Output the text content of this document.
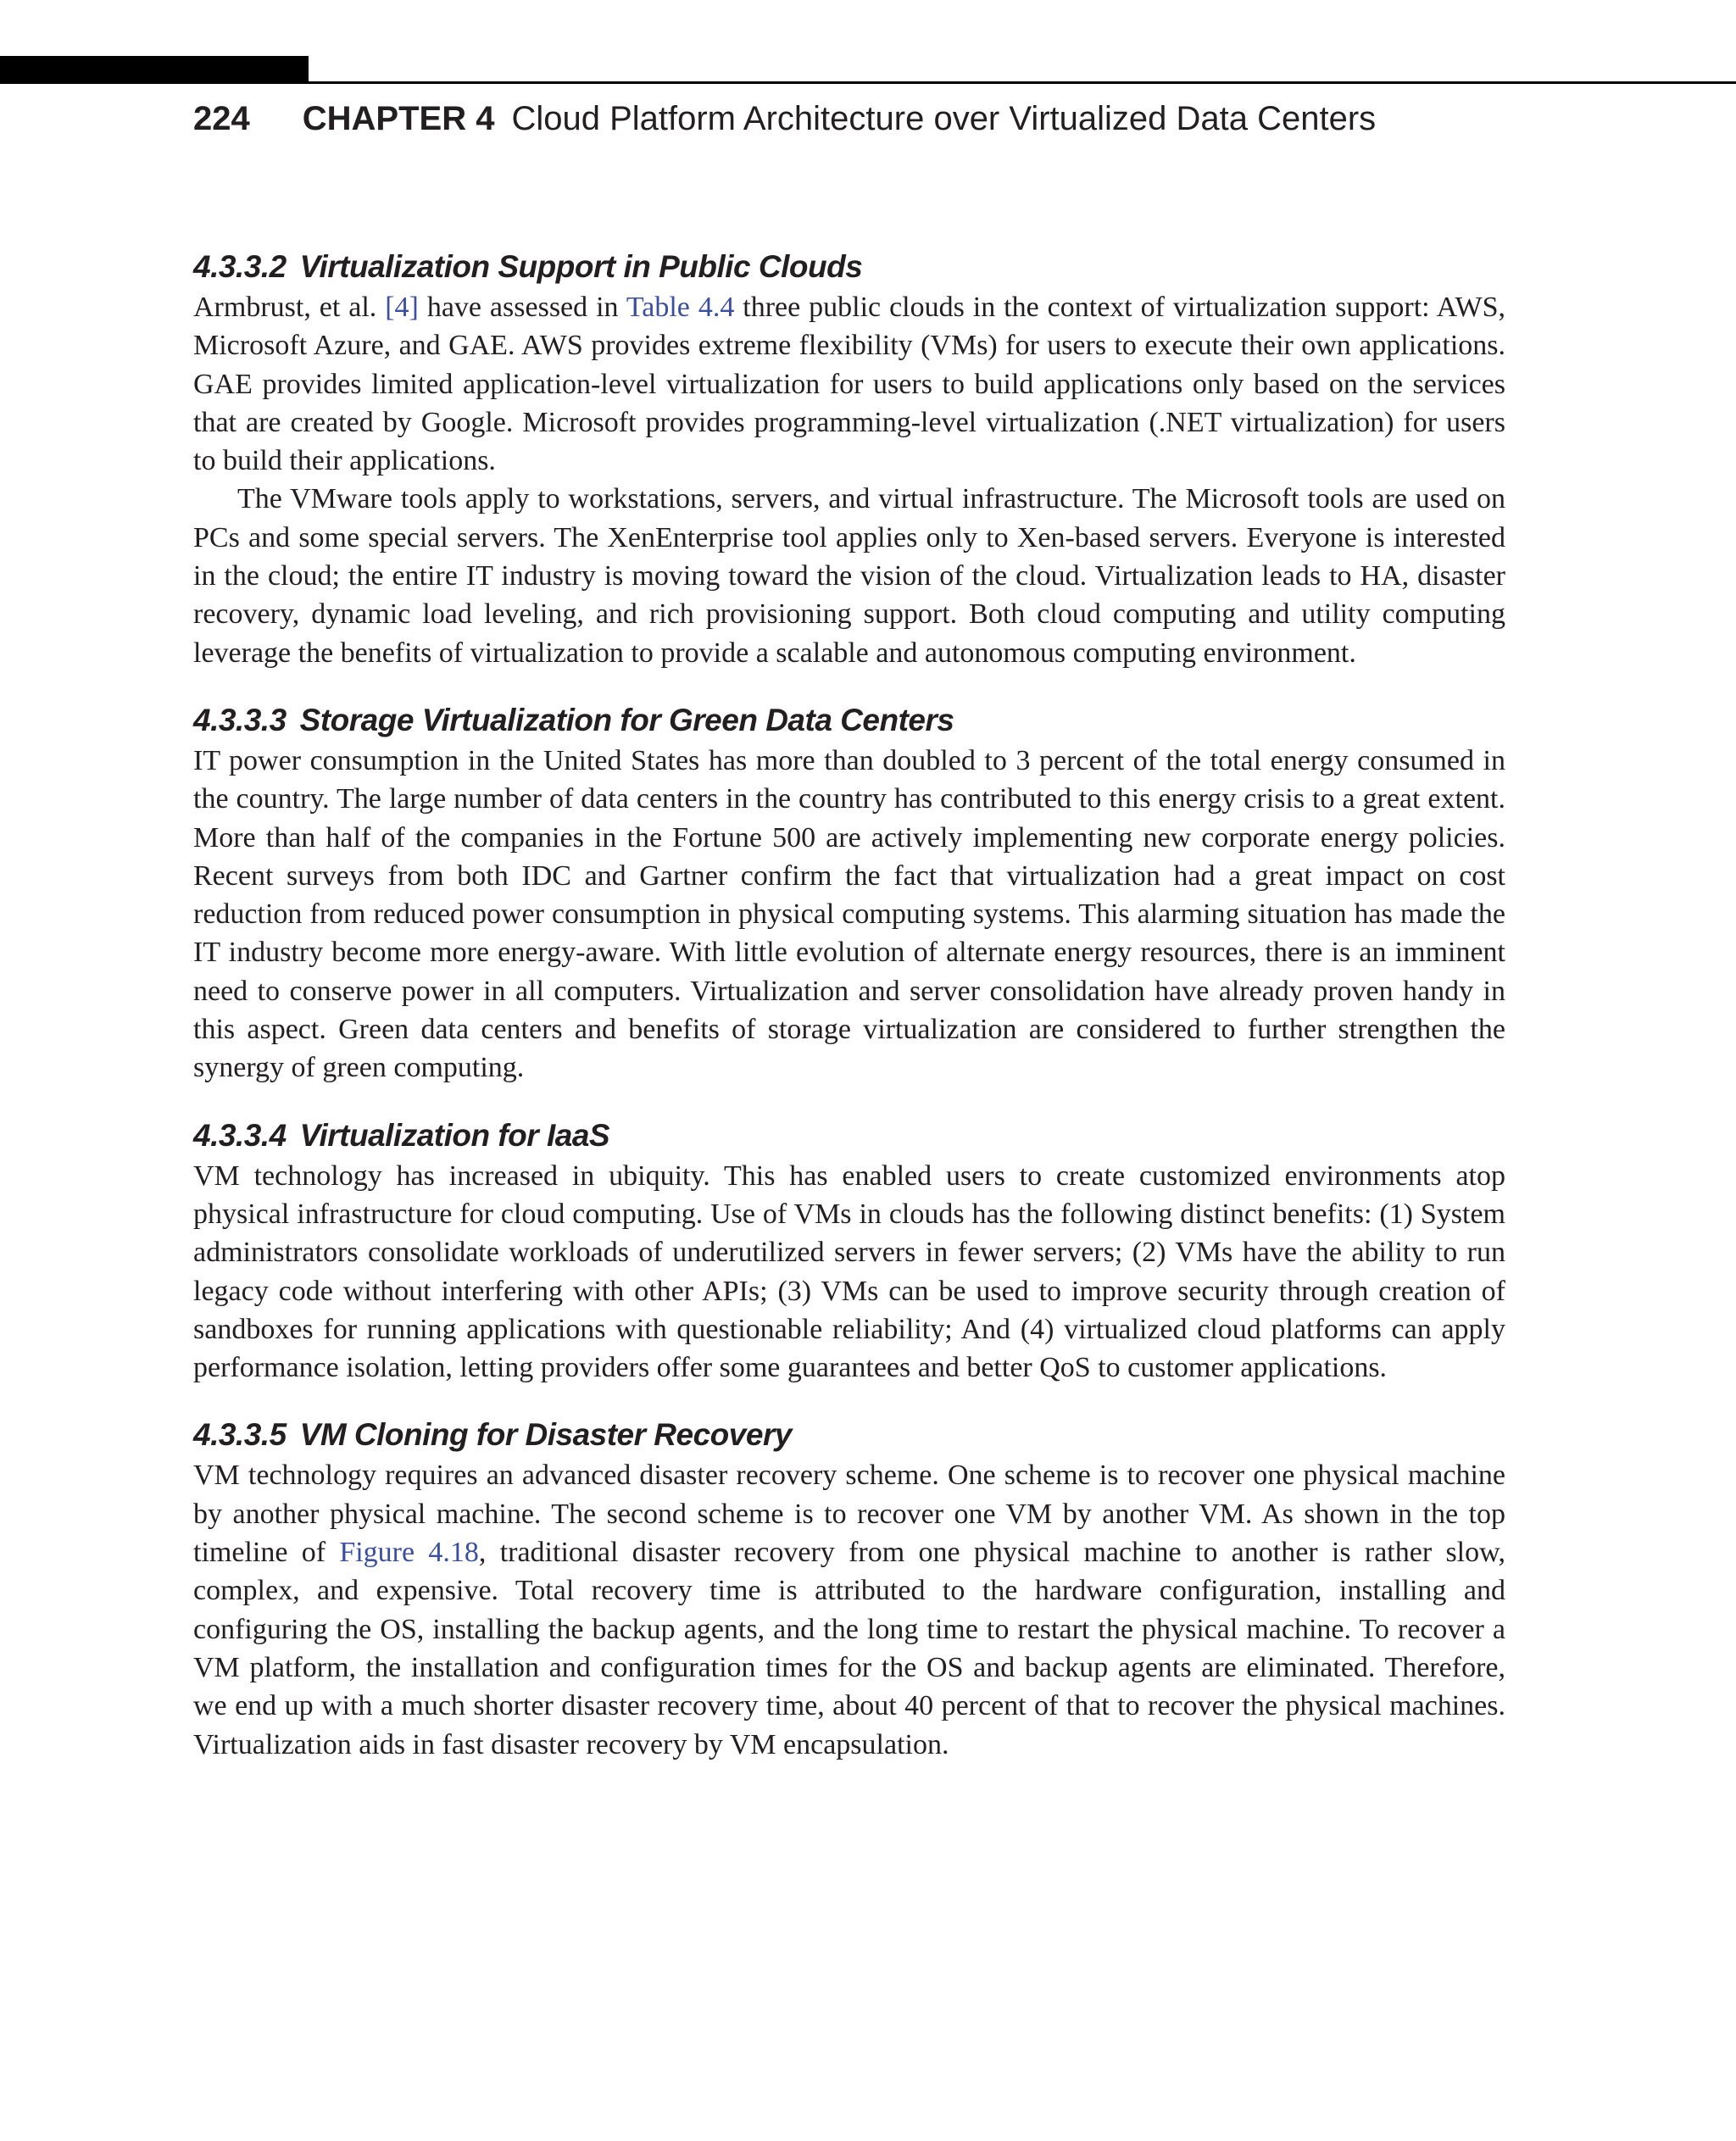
224 CHAPTER 4 Cloud Platform Architecture over Virtualized Data Centers
4.3.3.2 Virtualization Support in Public Clouds

Armbrust, et al. [4] have assessed in Table 4.4 three public clouds in the context of virtualization support: AWS, Microsoft Azure, and GAE. AWS provides extreme flexibility (VMs) for users to execute their own applications. GAE provides limited application-level virtualization for users to build applications only based on the services that are created by Google. Microsoft provides programming-level virtualization (.NET virtualization) for users to build their applications.

The VMware tools apply to workstations, servers, and virtual infrastructure. The Microsoft tools are used on PCs and some special servers. The XenEnterprise tool applies only to Xen-based servers. Everyone is interested in the cloud; the entire IT industry is moving toward the vision of the cloud. Virtualization leads to HA, disaster recovery, dynamic load leveling, and rich provisioning support. Both cloud computing and utility computing leverage the benefits of virtualization to provide a scalable and autonomous computing environment.

4.3.3.3 Storage Virtualization for Green Data Centers

IT power consumption in the United States has more than doubled to 3 percent of the total energy consumed in the country. The large number of data centers in the country has contributed to this energy crisis to a great extent. More than half of the companies in the Fortune 500 are actively implementing new corporate energy policies. Recent surveys from both IDC and Gartner confirm the fact that virtualization had a great impact on cost reduction from reduced power consumption in physical computing systems. This alarming situation has made the IT industry become more energy-aware. With little evolution of alternate energy resources, there is an imminent need to conserve power in all computers. Virtualization and server consolidation have already proven handy in this aspect. Green data centers and benefits of storage virtualization are considered to further strengthen the synergy of green computing.

4.3.3.4 Virtualization for IaaS

VM technology has increased in ubiquity. This has enabled users to create customized environments atop physical infrastructure for cloud computing. Use of VMs in clouds has the following distinct benefits: (1) System administrators consolidate workloads of underutilized servers in fewer servers; (2) VMs have the ability to run legacy code without interfering with other APIs; (3) VMs can be used to improve security through creation of sandboxes for running applications with questionable reliability; And (4) virtualized cloud platforms can apply performance isolation, letting providers offer some guarantees and better QoS to customer applications.

4.3.3.5 VM Cloning for Disaster Recovery

VM technology requires an advanced disaster recovery scheme. One scheme is to recover one physical machine by another physical machine. The second scheme is to recover one VM by another VM. As shown in the top timeline of Figure 4.18, traditional disaster recovery from one physical machine to another is rather slow, complex, and expensive. Total recovery time is attributed to the hardware configuration, installing and configuring the OS, installing the backup agents, and the long time to restart the physical machine. To recover a VM platform, the installation and configuration times for the OS and backup agents are eliminated. Therefore, we end up with a much shorter disaster recovery time, about 40 percent of that to recover the physical machines. Virtualization aids in fast disaster recovery by VM encapsulation.
